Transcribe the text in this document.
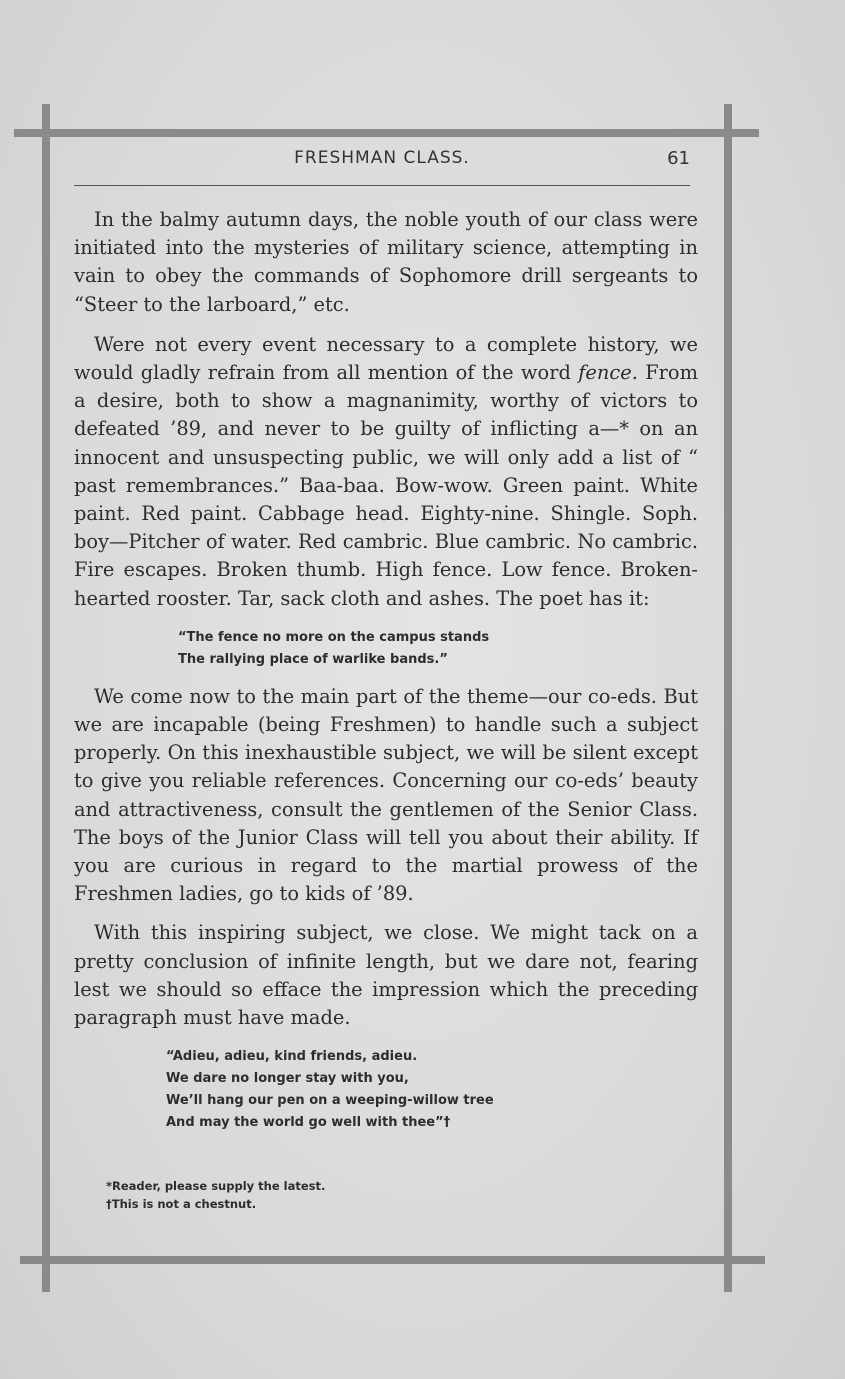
FRESHMAN CLASS.	61

In the balmy autumn days, the noble youth of our class were initiated into the mysteries of military science, attempting in vain to obey the commands of Sophomore drill sergeants to “Steer to the larboard,” etc.

Were not every event necessary to a complete history, we would gladly refrain from all mention of the word fence. From a desire, both to show a magnanimity, worthy of victors to defeated ’89, and never to be guilty of inflicting a—* on an innocent and unsuspecting public, we will only add a list of “ past remembrances.” Baa-baa. Bow-wow. Green paint. White paint. Red paint. Cabbage head. Eighty-nine. Shingle. Soph. boy—Pitcher of water. Red cambric. Blue cambric. No cambric. Fire escapes. Broken thumb. High fence. Low fence. Broken-hearted rooster. Tar, sack cloth and ashes. The poet has it:

“The fence no more on the campus stands
The rallying place of warlike bands.”

We come now to the main part of the theme—our co-eds. But we are incapable (being Freshmen) to handle such a subject properly. On this inexhaustible subject, we will be silent except to give you reliable references. Concerning our co-eds’ beauty and attractiveness, consult the gentlemen of the Senior Class. The boys of the Junior Class will tell you about their ability. If you are curious in regard to the martial prowess of the Freshmen ladies, go to kids of ’89.

With this inspiring subject, we close. We might tack on a pretty conclusion of infinite length, but we dare not, fearing lest we should so efface the impression which the preceding paragraph must have made.

“Adieu, adieu, kind friends, adieu.
We dare no longer stay with you,
We’ll hang our pen on a weeping-willow tree
And may the world go well with thee”†
*Reader, please supply the latest.
†This is not a chestnut.
